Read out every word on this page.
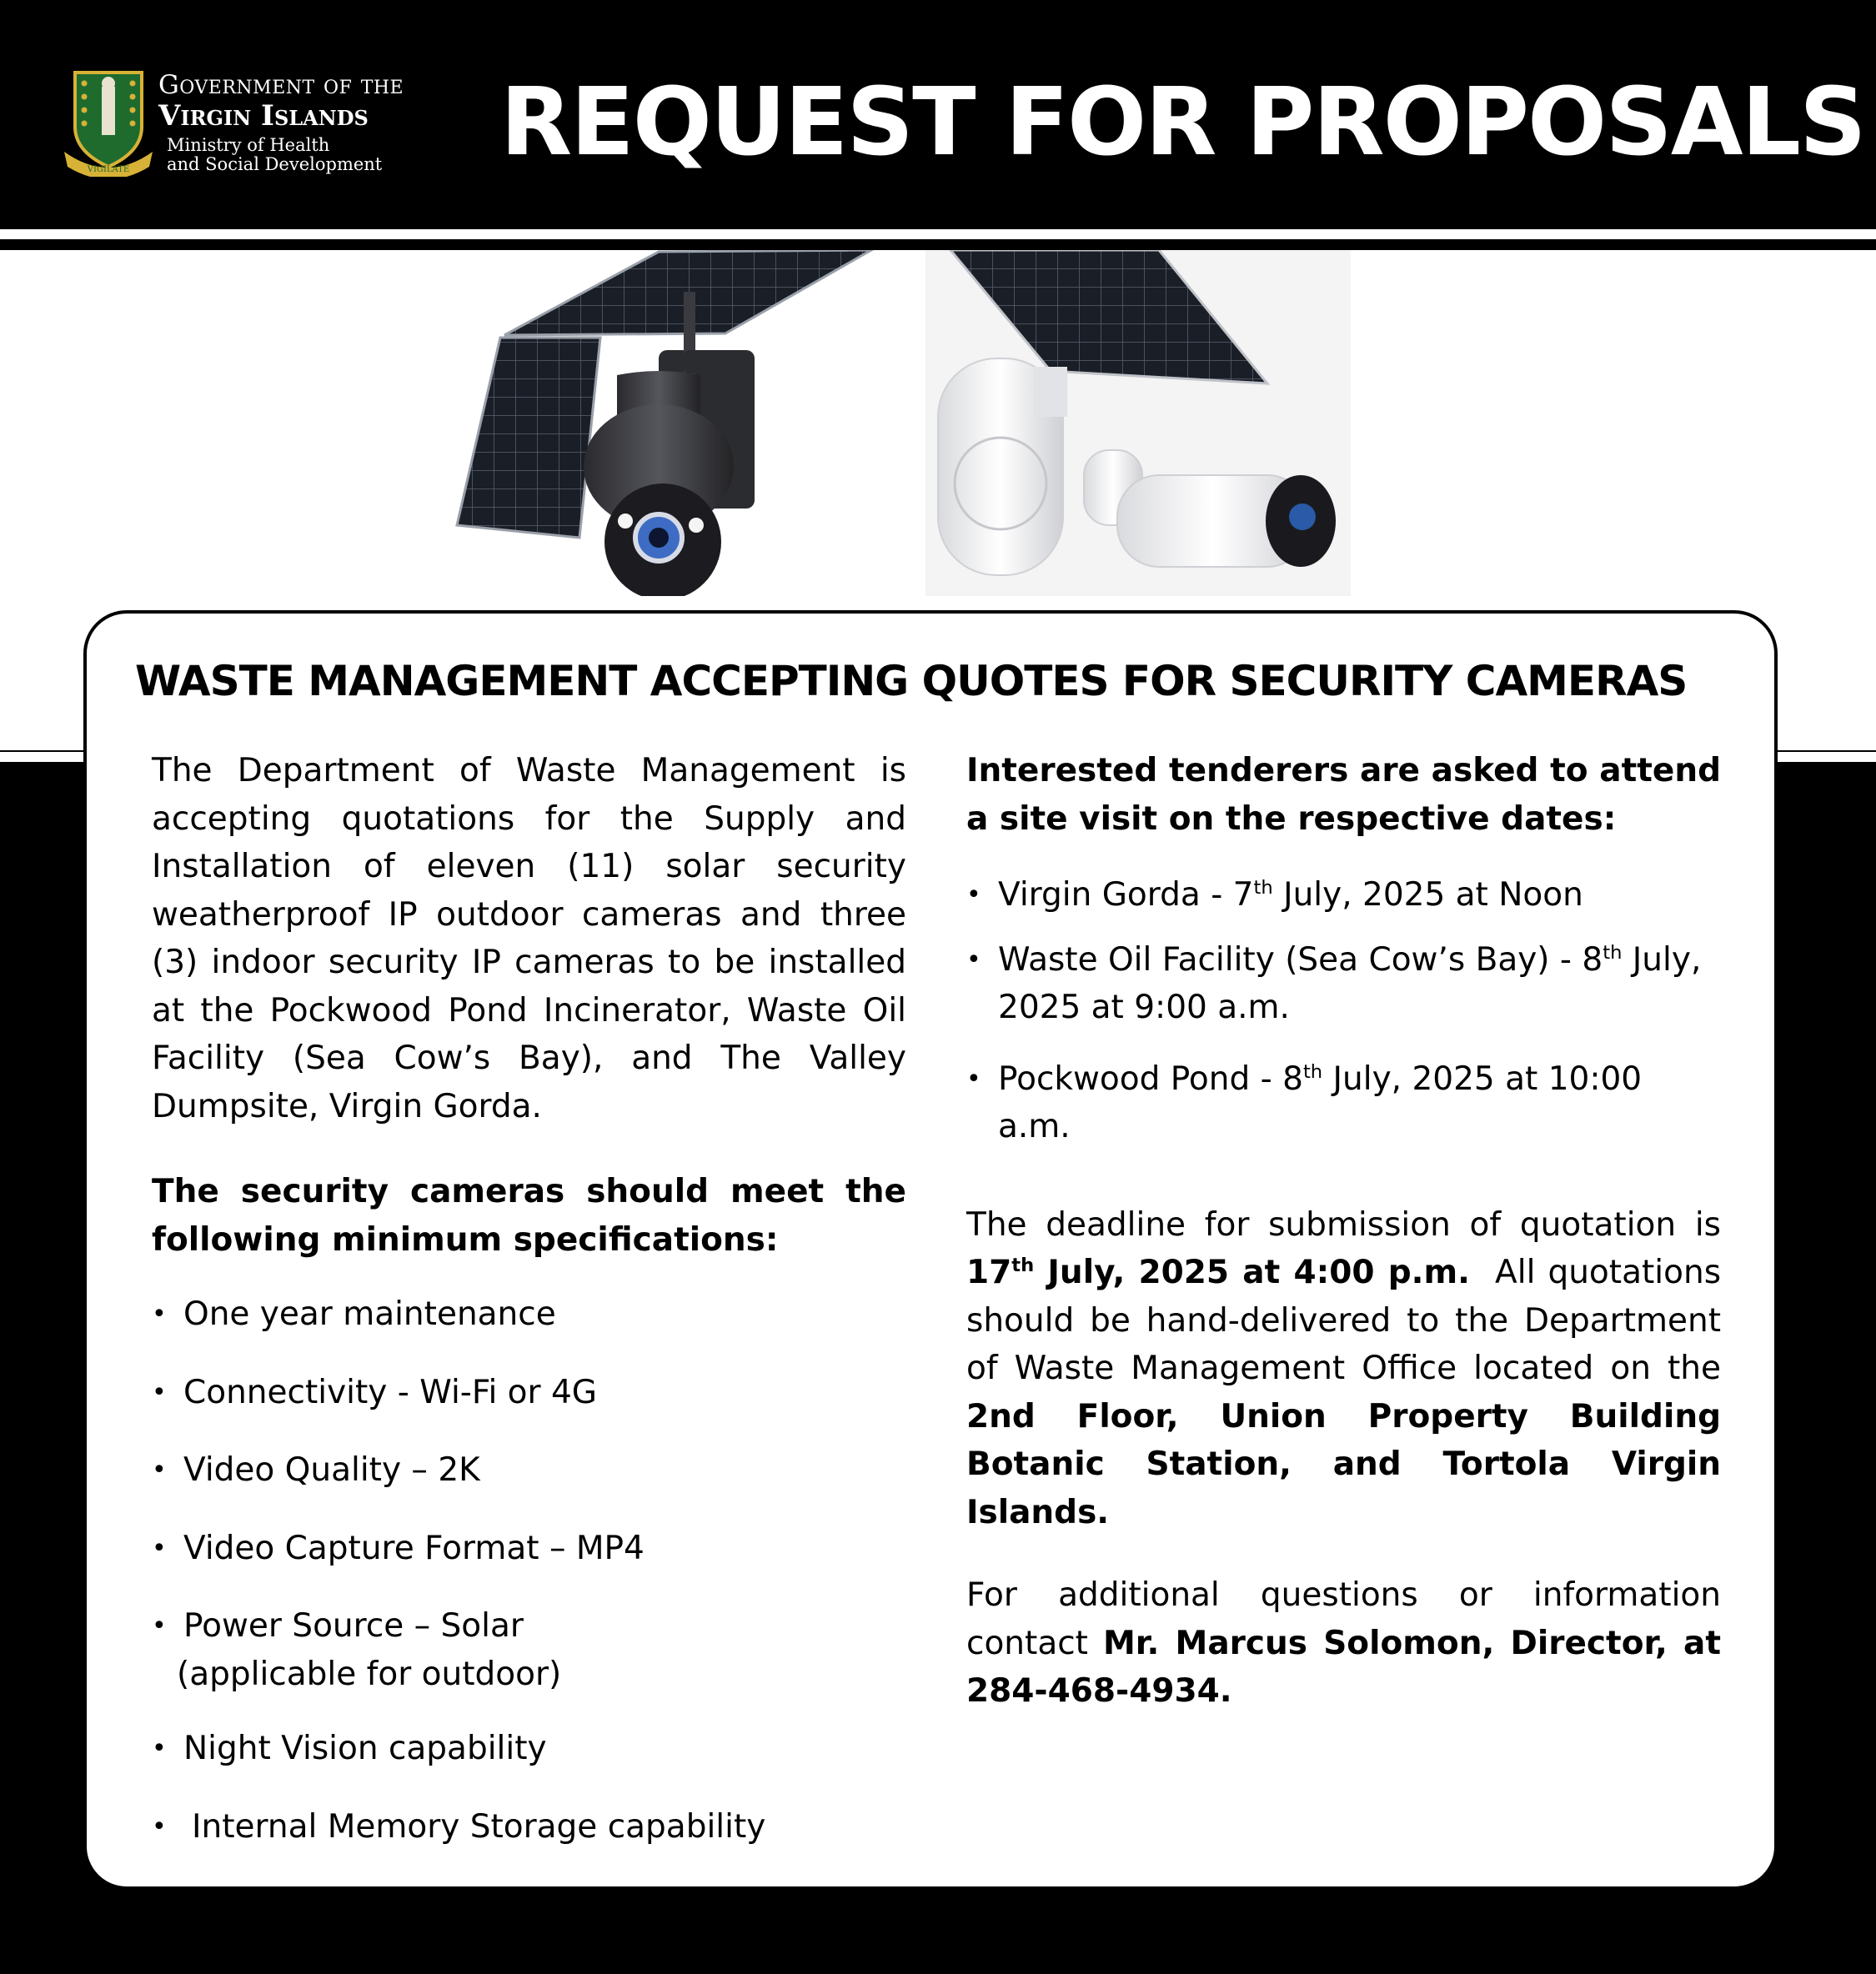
VIGILATE
Government of the
Virgin Islands
Ministry of Health
and Social Development REQUEST FOR PROPOSALS
WASTE MANAGEMENT ACCEPTING QUOTES FOR SECURITY CAMERAS

The Department of Waste Management is accepting quotations for the Supply and Installation of eleven (11) solar security weatherproof IP outdoor cameras and three (3) indoor security IP cameras to be installed at the Pockwood Pond Incinerator, Waste Oil Facility (Sea Cow’s Bay), and The Valley Dumpsite, Virgin Gorda.

The security cameras should meet the following minimum specifications:

• One year maintenance
• Connectivity - Wi-Fi or 4G
• Video Quality – 2K
• Video Capture Format – MP4
• Power Source – Solar
(applicable for outdoor)
• Night Vision capability
• Internal Memory Storage capability

Interested tenderers are asked to attend a site visit on the respective dates:

• Virgin Gorda - 7th July, 2025 at Noon
• Waste Oil Facility (Sea Cow’s Bay) - 8th July,
2025 at 9:00 a.m.
• Pockwood Pond - 8th July, 2025 at 10:00 a.m.

The deadline for submission of quotation is 17th July, 2025 at 4:00 p.m.  All quotations should be hand-delivered to the Department of Waste Management Office located on the 2nd Floor, Union Property Building Botanic Station, and Tortola Virgin Islands.

For additional questions or information contact Mr. Marcus Solomon, Director, at 284-468-4934.
